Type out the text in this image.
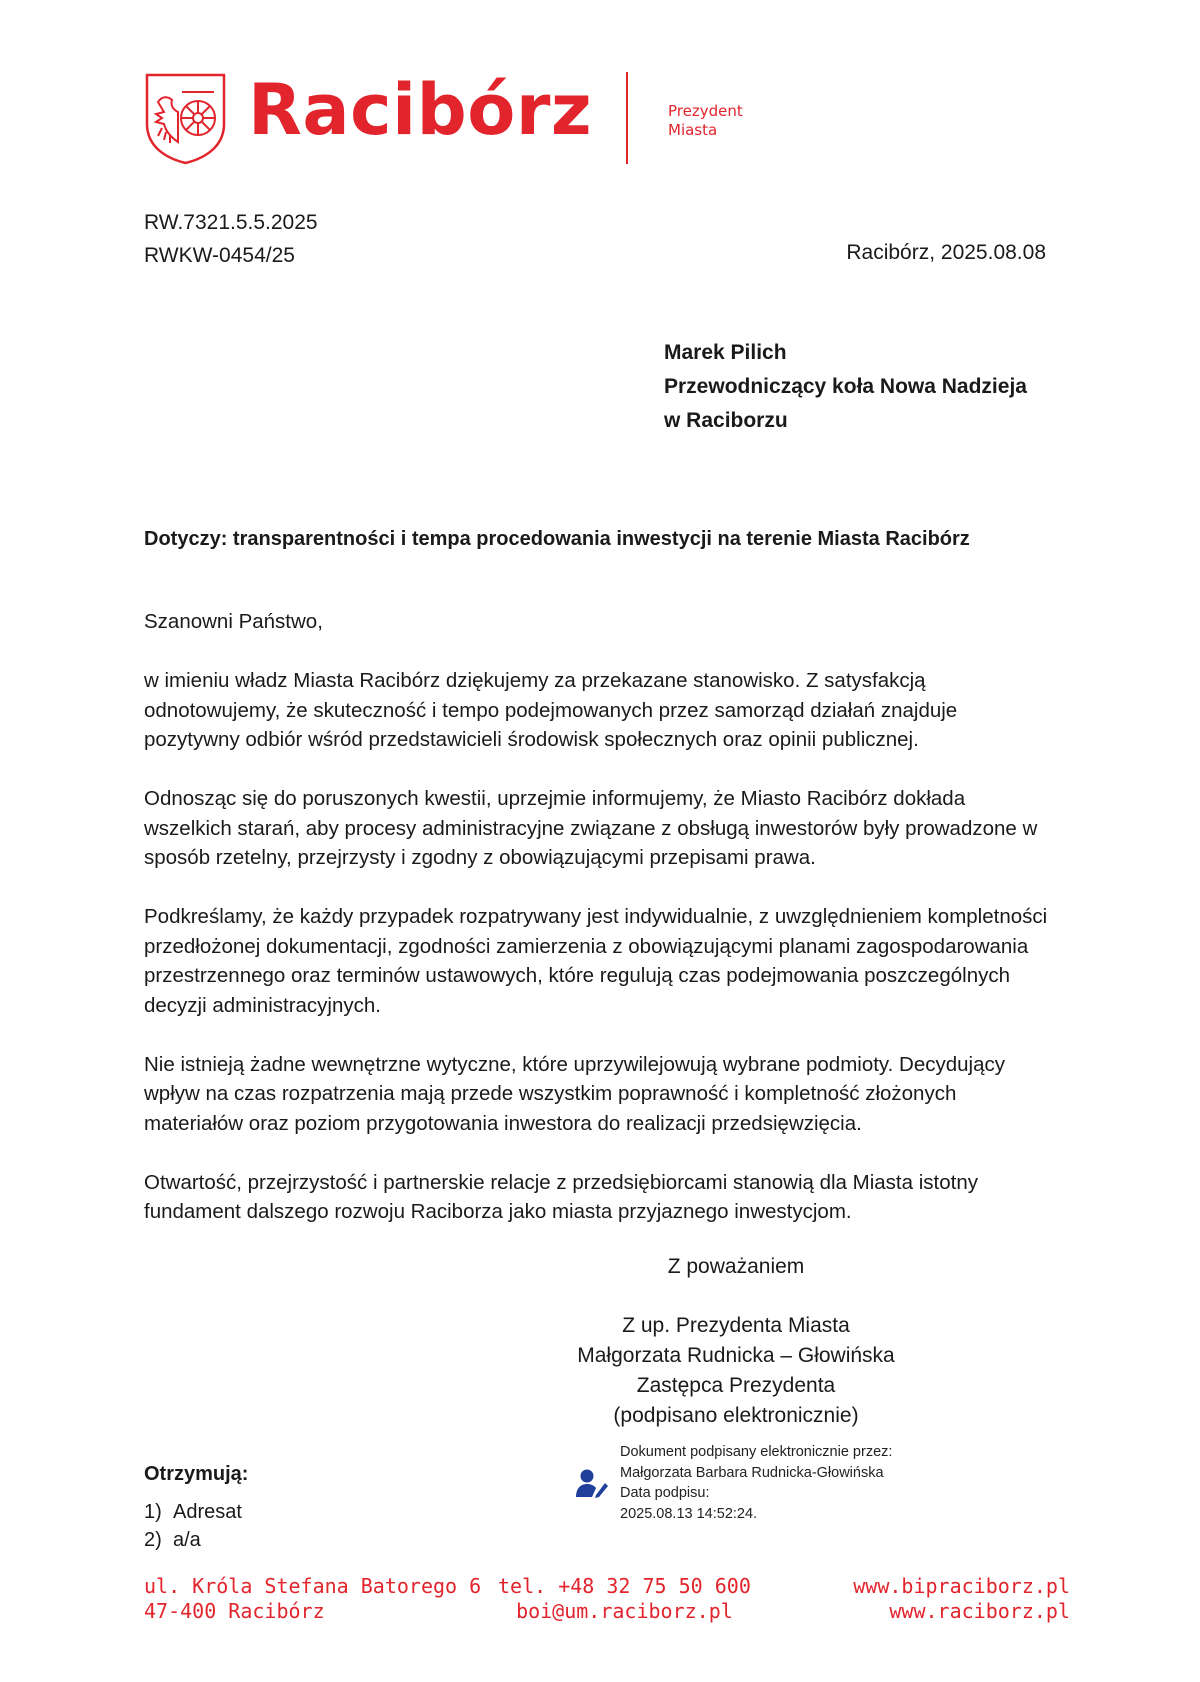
Racibórz	Prezydent
Miasta
RW.7321.5.5.2025
RWKW-0454/25	Racibórz, 2025.08.08
Marek Pilich
Przewodniczący koła Nowa Nadzieja
w Raciborzu
Dotyczy: transparentności i tempa procedowania inwestycji na terenie Miasta Racibórz

Szanowni Państwo,

w imieniu władz Miasta Racibórz dziękujemy za przekazane stanowisko. Z satysfakcją odnotowujemy, że skuteczność i tempo podejmowanych przez samorząd działań znajduje pozytywny odbiór wśród przedstawicieli środowisk społecznych oraz opinii publicznej.

Odnosząc się do poruszonych kwestii, uprzejmie informujemy, że Miasto Racibórz dokłada wszelkich starań, aby procesy administracyjne związane z obsługą inwestorów były prowadzone w sposób rzetelny, przejrzysty i zgodny z obowiązującymi przepisami prawa.

Podkreślamy, że każdy przypadek rozpatrywany jest indywidualnie, z uwzględnieniem kompletności przedłożonej dokumentacji, zgodności zamierzenia z obowiązującymi planami zagospodarowania przestrzennego oraz terminów ustawowych, które regulują czas podejmowania poszczególnych decyzji administracyjnych.

Nie istnieją żadne wewnętrzne wytyczne, które uprzywilejowują wybrane podmioty. Decydujący wpływ na czas rozpatrzenia mają przede wszystkim poprawność i kompletność złożonych materiałów oraz poziom przygotowania inwestora do realizacji przedsięwzięcia.

Otwartość, przejrzystość i partnerskie relacje z przedsiębiorcami stanowią dla Miasta istotny fundament dalszego rozwoju Raciborza jako miasta przyjaznego inwestycjom.

Z poważaniem
Z up. Prezydenta Miasta
Małgorzata Rudnicka – Głowińska
Zastępca Prezydenta
(podpisano elektronicznie)
Dokument podpisany elektronicznie przez:
Małgorzata Barbara Rudnicka-Głowińska
Data podpisu:
2025.08.13 14:52:24.
Otrzymują:
1) Adresat
2) a/a
ul. Króla Stefana Batorego 6
47-400 Racibórz
tel. +48 32 75 50 600
boi@um.raciborz.pl
www.bipraciborz.pl
www.raciborz.pl
